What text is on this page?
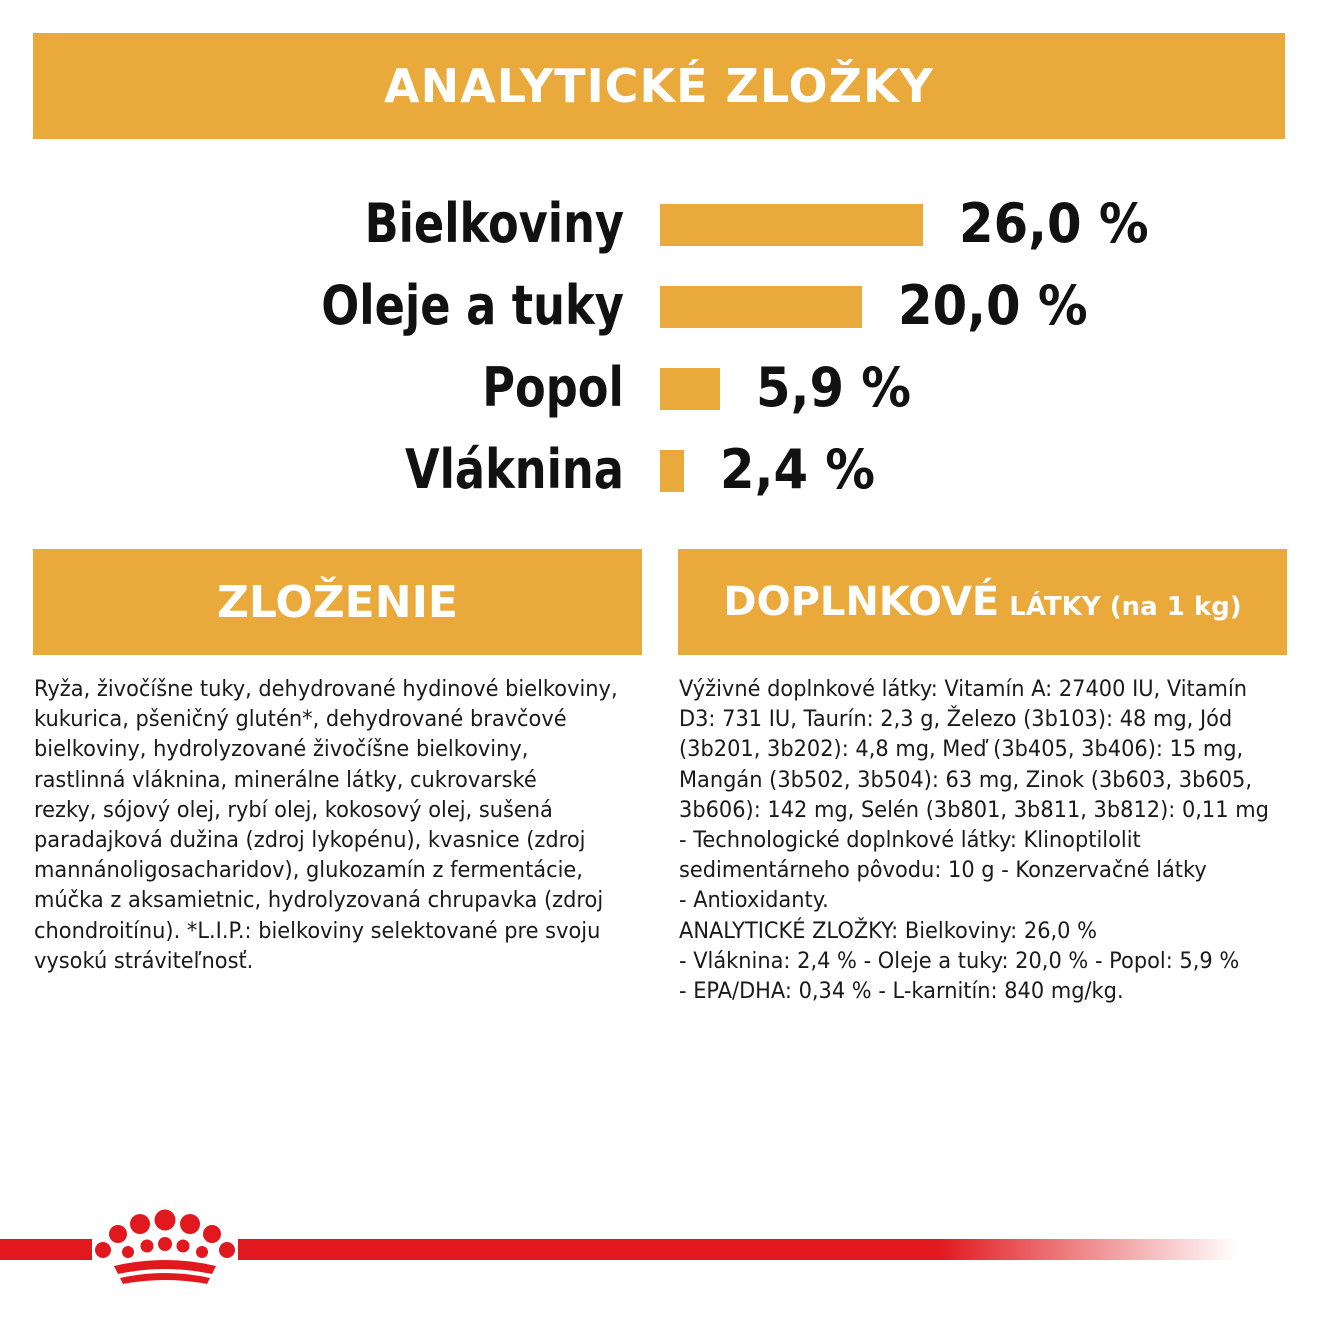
ANALYTICKÉ ZLOŽKY
Bielkoviny	26,0 %
Oleje a tuky	20,0 %
Popol 5,9 %
Vláknina 2,4 %
ZLOŽENIE	DOPLNKOVÉ LÁTKY (na 1 kg)
Ryža, živočíšne tuky, dehydrované hydinové bielkoviny,
kukurica, pšeničný glutén*, dehydrované bravčové
bielkoviny, hydrolyzované živočíšne bielkoviny,
rastlinná vláknina, minerálne látky, cukrovarské
rezky, sójový olej, rybí olej, kokosový olej, sušená
paradajková dužina (zdroj lykopénu), kvasnice (zdroj
mannánoligosacharidov), glukozamín z fermentácie,
múčka z aksamietnic, hydrolyzovaná chrupavka (zdroj
chondroitínu). *L.I.P.: bielkoviny selektované pre svoju
vysokú stráviteľnosť.
Výživné doplnkové látky: Vitamín A: 27400 IU, Vitamín
D3: 731 IU, Taurín: 2,3 g, Železo (3b103): 48 mg, Jód
(3b201, 3b202): 4,8 mg, Meď (3b405, 3b406): 15 mg,
Mangán (3b502, 3b504): 63 mg, Zinok (3b603, 3b605,
3b606): 142 mg, Selén (3b801, 3b811, 3b812): 0,11 mg
- Technologické doplnkové látky: Klinoptilolit
sedimentárneho pôvodu: 10 g - Konzervačné látky
- Antioxidanty.
ANALYTICKÉ ZLOŽKY: Bielkoviny: 26,0 %
- Vláknina: 2,4 % - Oleje a tuky: 20,0 % - Popol: 5,9 %
- EPA/DHA: 0,34 % - L-karnitín: 840 mg/kg.
